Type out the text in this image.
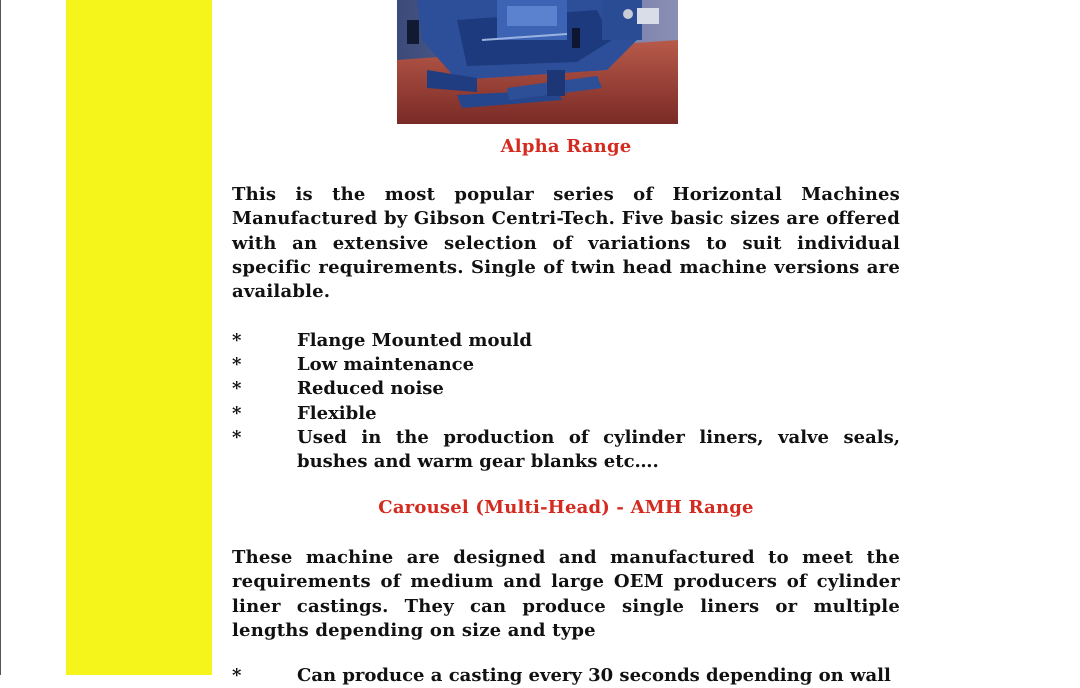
Alpha Range

This is the most popular series of Horizontal Machines Manufactured by Gibson Centri-Tech. Five basic sizes are offered with an extensive selection of variations to suit individual specific requirements. Single of twin head machine versions are available.

*	Flange Mounted mould
*	Low maintenance
*	Reduced noise
*	Flexible
*	Used in the production of cylinder liners, valve seals, bushes and warm gear blanks etc….
Carousel (Multi-Head) - AMH Range

These machine are designed and manufactured to meet the requirements of medium and large OEM producers of cylinder liner castings. They can produce single liners or multiple lengths depending on size and type

*	Can produce a casting every 30 seconds depending on wall
